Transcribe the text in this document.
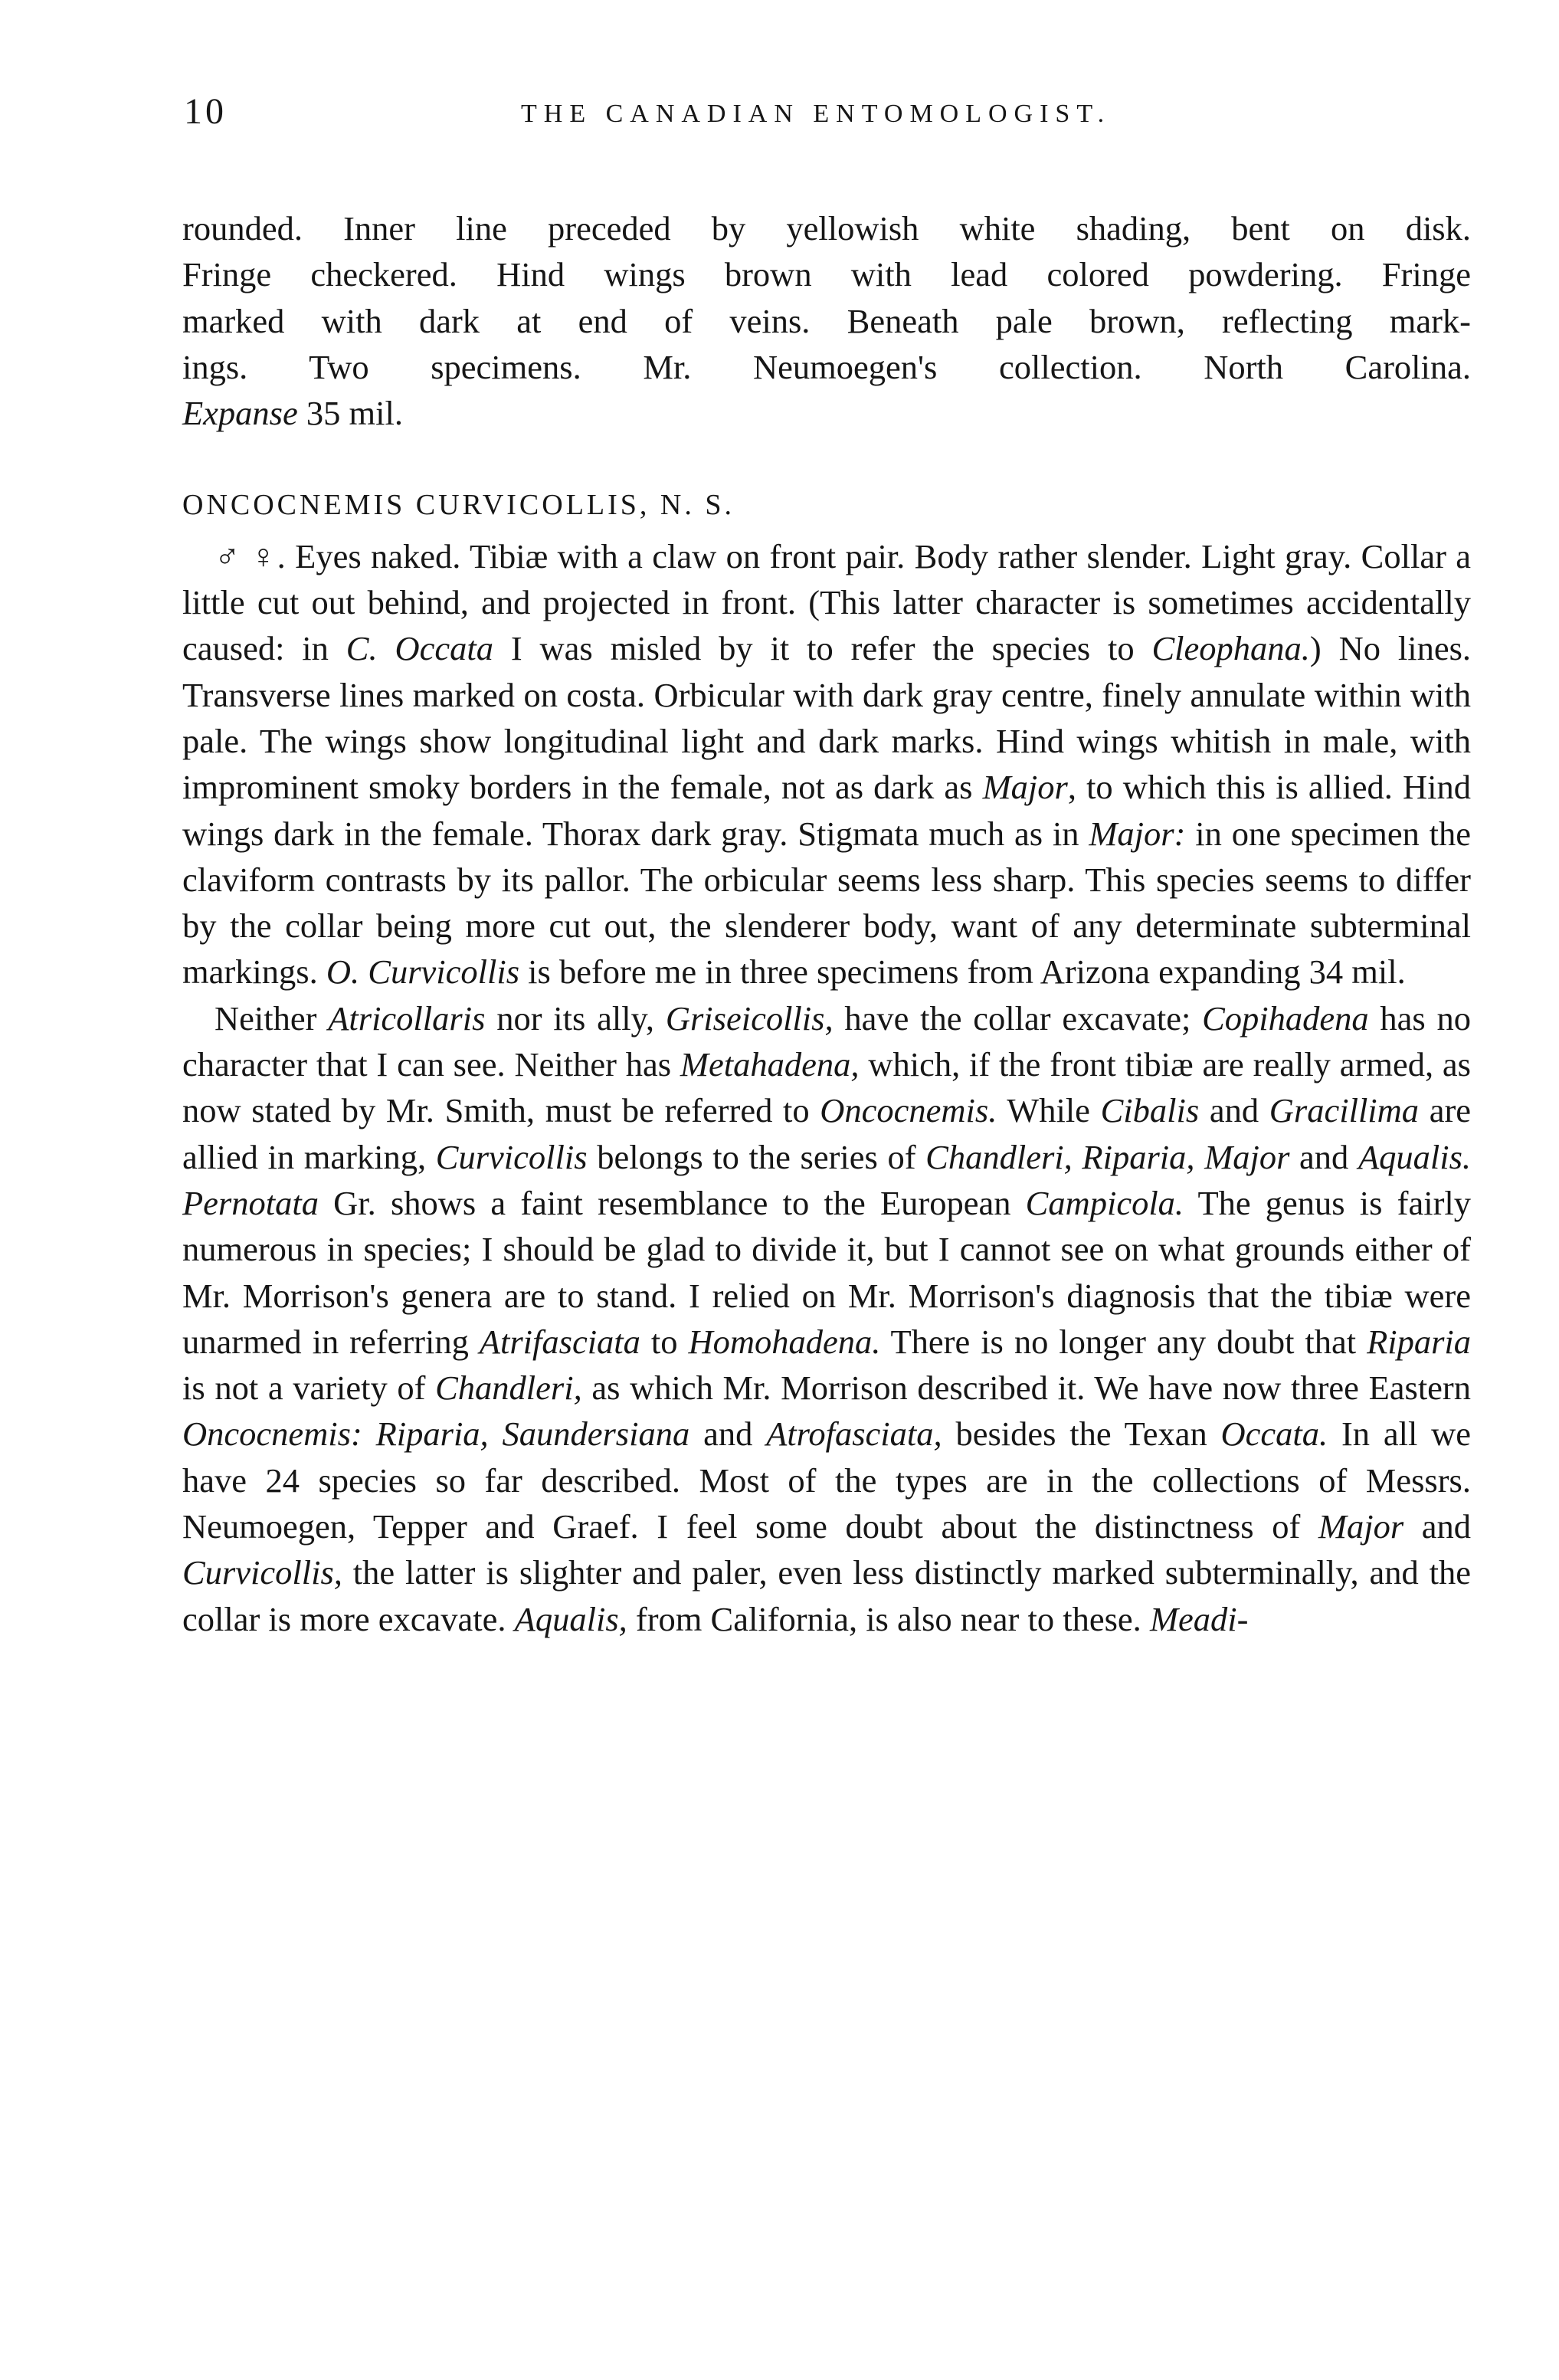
10	THE CANADIAN ENTOMOLOGIST.

rounded. Inner line preceded by yellowish white shading, bent on disk.
Fringe checkered. Hind wings brown with lead colored powdering. Fringe
marked with dark at end of veins. Beneath pale brown, reflecting mark-
ings. Two specimens. Mr. Neumoegen's collection. North Carolina.
Expanse 35 mil.

ONCOCNEMIS CURVICOLLIS, N. S.

♂ ♀. Eyes naked. Tibiæ with a claw on front pair. Body rather slender. Light gray. Collar a little cut out behind, and projected in front. (This latter character is sometimes accidentally caused: in C. Occata I was misled by it to refer the species to Cleophana.) No lines. Transverse lines marked on costa. Orbicular with dark gray centre, finely annulate within with pale. The wings show longitudinal light and dark marks. Hind wings whitish in male, with improminent smoky borders in the female, not as dark as Major, to which this is allied. Hind wings dark in the female. Thorax dark gray. Stigmata much as in Major: in one specimen the claviform contrasts by its pallor. The orbicular seems less sharp. This species seems to differ by the collar being more cut out, the slenderer body, want of any determinate subterminal markings. O. Curvicollis is before me in three specimens from Arizona expanding 34 mil.

Neither Atricollaris nor its ally, Griseicollis, have the collar excavate; Copihadena has no character that I can see. Neither has Metahadena, which, if the front tibiæ are really armed, as now stated by Mr. Smith, must be referred to Oncocnemis. While Cibalis and Gracillima are allied in marking, Curvicollis belongs to the series of Chandleri, Riparia, Major and Aqualis. Pernotata Gr. shows a faint resemblance to the European Campicola. The genus is fairly numerous in species; I should be glad to divide it, but I cannot see on what grounds either of Mr. Morrison's genera are to stand. I relied on Mr. Morrison's diagnosis that the tibiæ were unarmed in referring Atrifasciata to Homohadena. There is no longer any doubt that Riparia is not a variety of Chandleri, as which Mr. Morrison described it. We have now three Eastern Oncocnemis: Riparia, Saundersiana and Atrofasciata, besides the Texan Occata. In all we have 24 species so far described. Most of the types are in the collections of Messrs. Neumoegen, Tepper and Graef. I feel some doubt about the distinctness of Major and Curvicollis, the latter is slighter and paler, even less distinctly marked subterminally, and the collar is more excavate. Aqualis, from California, is also near to these. Meadi-
